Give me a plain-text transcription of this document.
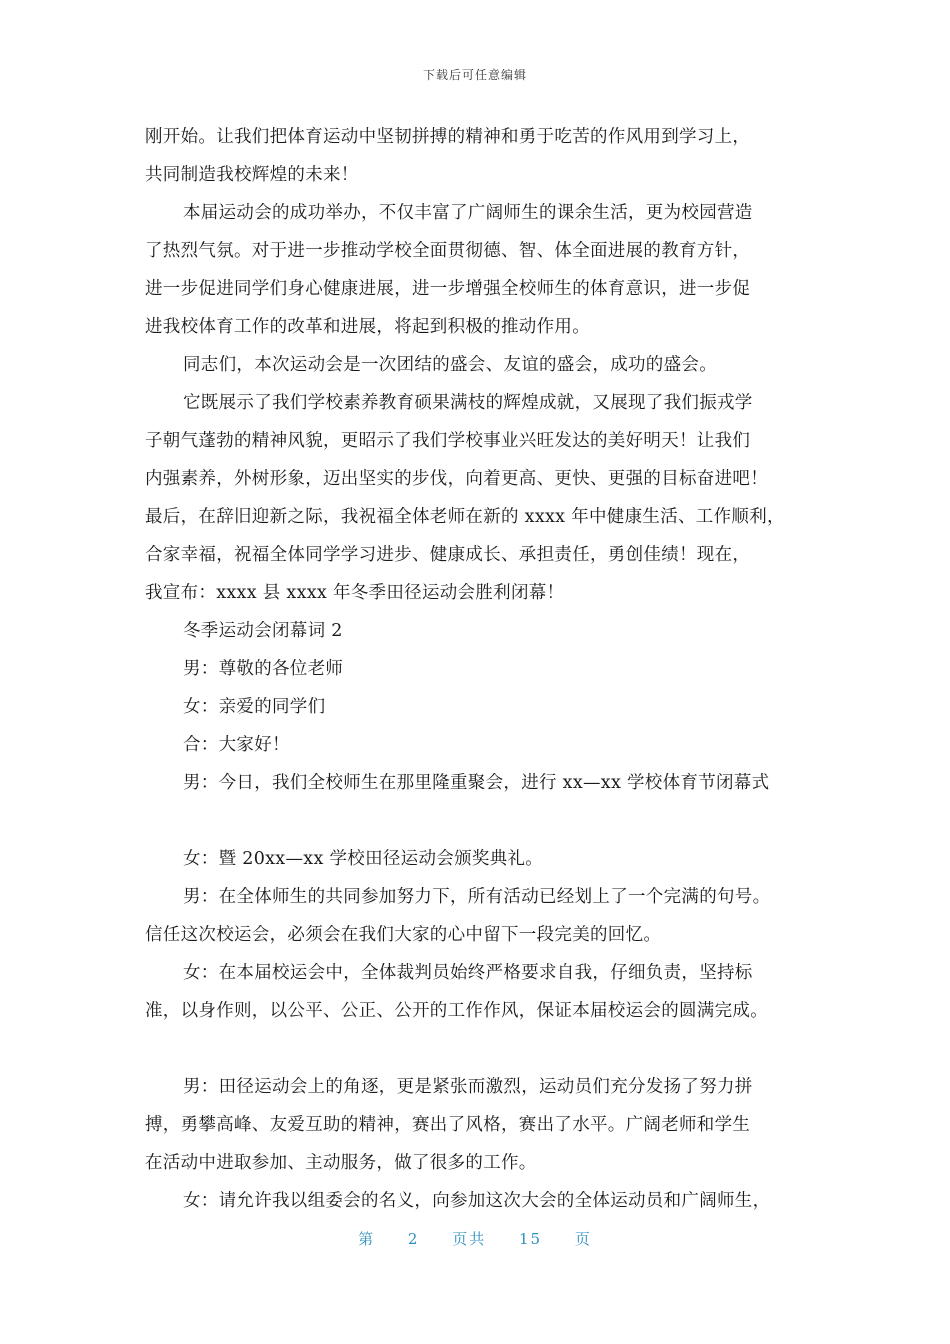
下载后可任意编辑
刚开始。让我们把体育运动中坚韧拼搏的精神和勇于吃苦的作风用到学习上，
共同制造我校辉煌的未来！
本届运动会的成功举办，不仅丰富了广阔师生的课余生活，更为校园营造
了热烈气氛。对于进一步推动学校全面贯彻德、智、体全面进展的教育方针，
进一步促进同学们身心健康进展，进一步增强全校师生的体育意识，进一步促
进我校体育工作的改革和进展，将起到积极的推动作用。
同志们，本次运动会是一次团结的盛会、友谊的盛会，成功的盛会。
它既展示了我们学校素养教育硕果满枝的辉煌成就，又展现了我们振戎学
子朝气蓬勃的精神风貌，更昭示了我们学校事业兴旺发达的美好明天！让我们
内强素养，外树形象，迈出坚实的步伐，向着更高、更快、更强的目标奋进吧！
最后，在辞旧迎新之际，我祝福全体老师在新的 xxxx 年中健康生活、工作顺利，
合家幸福，祝福全体同学学习进步、健康成长、承担责任，勇创佳绩！现在，
我宣布：xxxx 县 xxxx 年冬季田径运动会胜利闭幕！
冬季运动会闭幕词 2
男：尊敬的各位老师
女：亲爱的同学们
合：大家好！
男：今日，我们全校师生在那里隆重聚会，进行 xx—xx 学校体育节闭幕式
女：暨 20xx—xx 学校田径运动会颁奖典礼。
男：在全体师生的共同参加努力下，所有活动已经划上了一个完满的句号。
信任这次校运会，必须会在我们大家的心中留下一段完美的回忆。
女：在本届校运会中，全体裁判员始终严格要求自我，仔细负责，坚持标
准，以身作则，以公平、公正、公开的工作作风，保证本届校运会的圆满完成。
男：田径运动会上的角逐，更是紧张而激烈，运动员们充分发扬了努力拼
搏，勇攀高峰、友爱互助的精神，赛出了风格，赛出了水平。广阔老师和学生
在活动中进取参加、主动服务，做了很多的工作。
女：请允许我以组委会的名义，向参加这次大会的全体运动员和广阔师生，
第 2 页共 15 页
